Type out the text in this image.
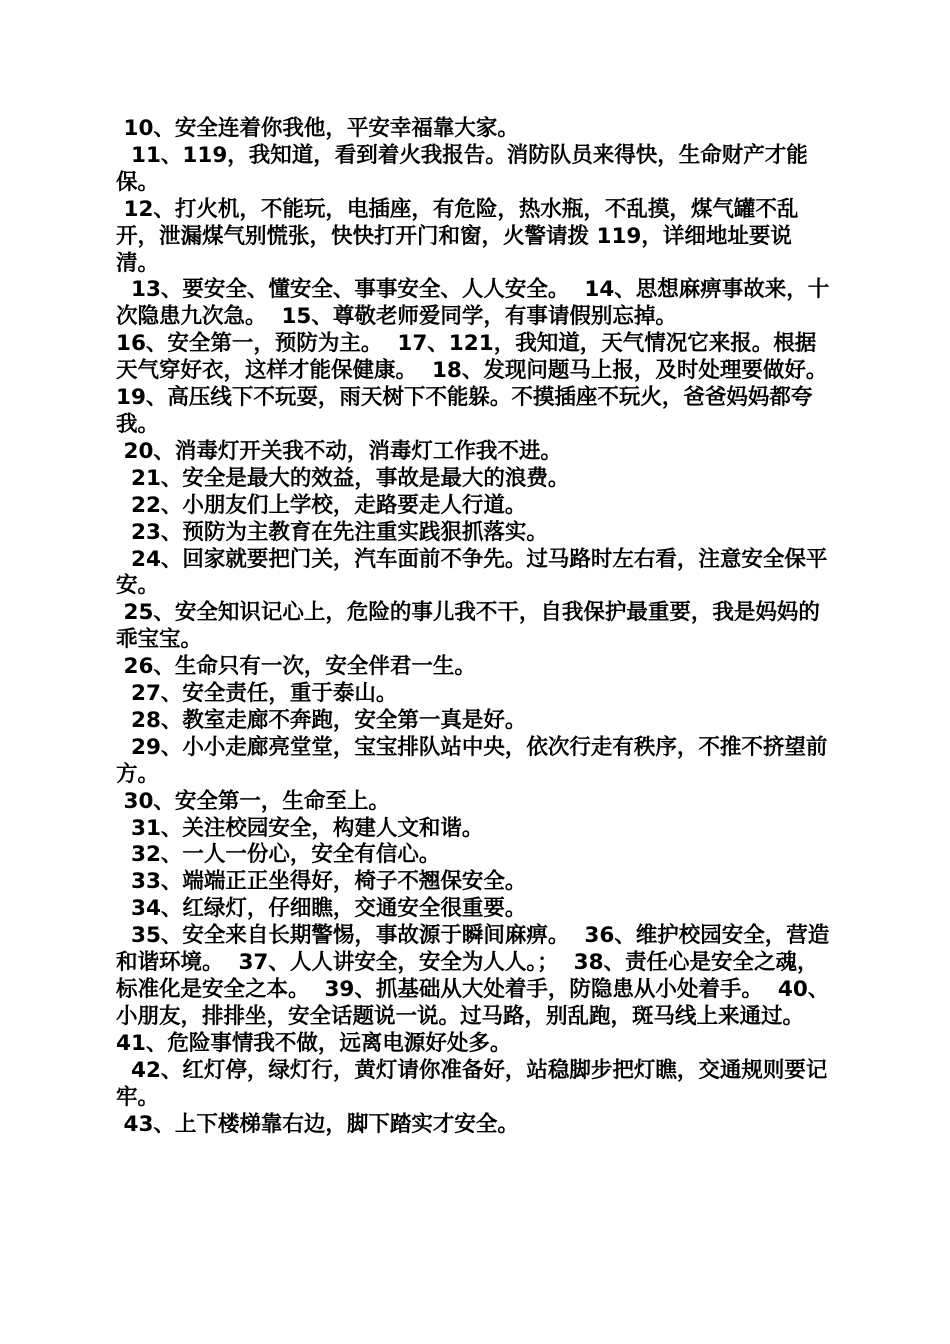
10、安全连着你我他，平安幸福靠大家。

11、119，我知道，看到着火我报告。消防队员来得快，生命财产才能保。

12、打火机，不能玩，电插座，有危险，热水瓶，不乱摸，煤气罐不乱开，泄漏煤气别慌张，快快打开门和窗，火警请拨 119，详细地址要说清。

13、要安全、懂安全、事事安全、人人安全。  14、思想麻痹事故来，十次隐患九次急。  15、尊敬老师爱同学，有事请假别忘掉。

16、安全第一，预防为主。  17、121，我知道，天气情况它来报。根据天气穿好衣，这样才能保健康。  18、发现问题马上报，及时处理要做好。

19、高压线下不玩耍，雨天树下不能躲。不摸插座不玩火，爸爸妈妈都夸我。

20、消毒灯开关我不动，消毒灯工作我不进。

21、安全是最大的效益，事故是最大的浪费。

22、小朋友们上学校，走路要走人行道。

23、预防为主教育在先注重实践狠抓落实。

24、回家就要把门关，汽车面前不争先。过马路时左右看，注意安全保平安。

25、安全知识记心上，危险的事儿我不干，自我保护最重要，我是妈妈的乖宝宝。

26、生命只有一次，安全伴君一生。

27、安全责任，重于泰山。

28、教室走廊不奔跑，安全第一真是好。

29、小小走廊亮堂堂，宝宝排队站中央，依次行走有秩序，不推不挤望前方。

30、安全第一，生命至上。

31、关注校园安全，构建人文和谐。

32、一人一份心，安全有信心。

33、端端正正坐得好，椅子不翘保安全。

34、红绿灯，仔细瞧，交通安全很重要。

35、安全来自长期警惕，事故源于瞬间麻痹。  36、维护校园安全，营造和谐环境。  37、人人讲安全，安全为人人。；  38、责任心是安全之魂，标准化是安全之本。  39、抓基础从大处着手，防隐患从小处着手。  40、小朋友，排排坐，安全话题说一说。过马路，别乱跑，斑马线上来通过。

41、危险事情我不做，远离电源好处多。

42、红灯停，绿灯行，黄灯请你准备好，站稳脚步把灯瞧，交通规则要记牢。

43、上下楼梯靠右边，脚下踏实才安全。
